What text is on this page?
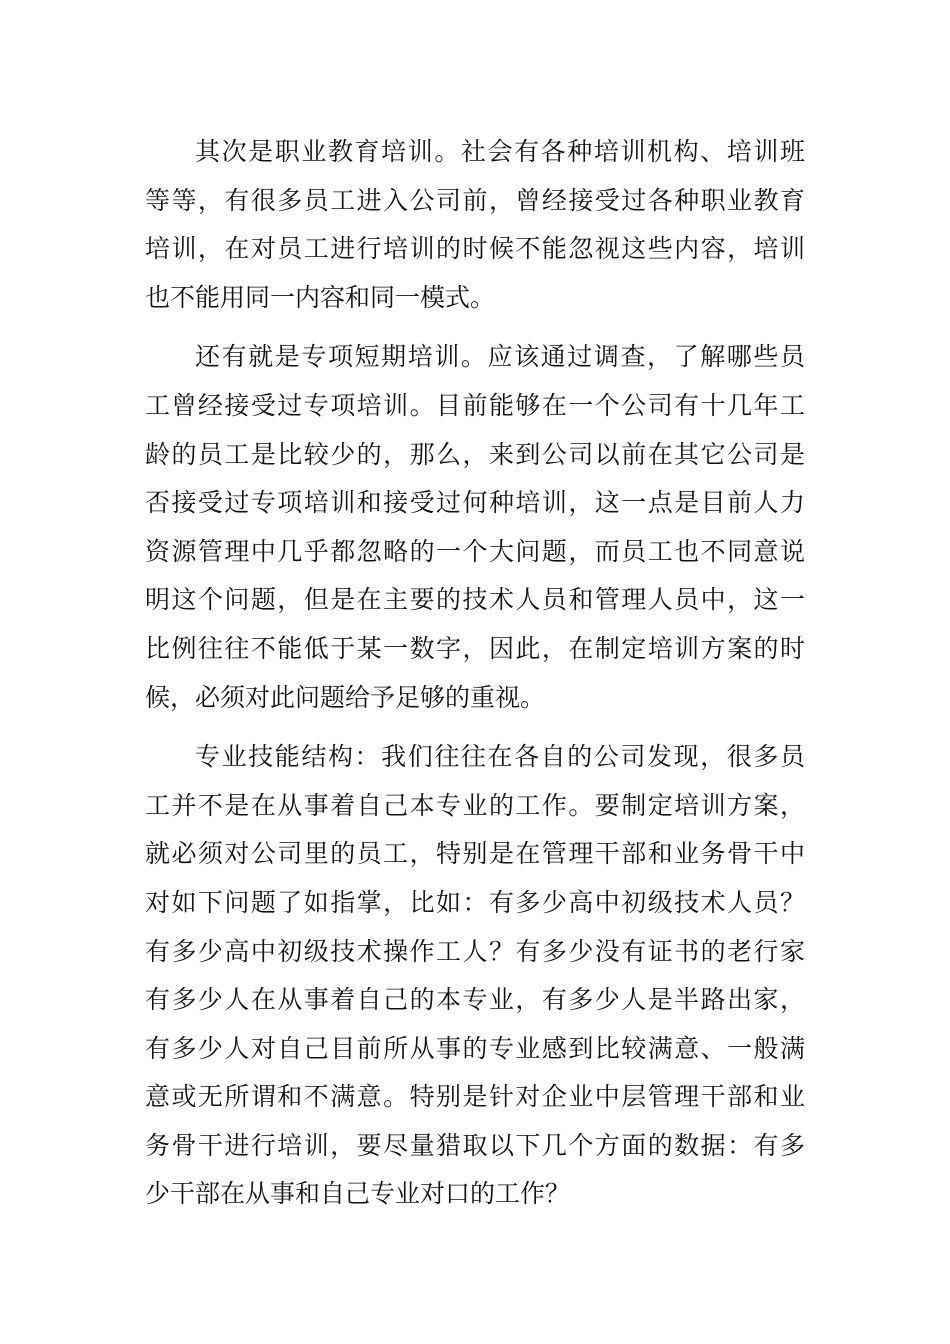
其次是职业教育培训。社会有各种培训机构、培训班
等等，有很多员工进入公司前，曾经接受过各种职业教育
培训，在对员工进行培训的时候不能忽视这些内容，培训
也不能用同一内容和同一模式。
还有就是专项短期培训。应该通过调查，了解哪些员
工曾经接受过专项培训。目前能够在一个公司有十几年工
龄的员工是比较少的，那么，来到公司以前在其它公司是
否接受过专项培训和接受过何种培训，这一点是目前人力
资源管理中几乎都忽略的一个大问题，而员工也不同意说
明这个问题，但是在主要的技术人员和管理人员中，这一
比例往往不能低于某一数字，因此，在制定培训方案的时
候，必须对此问题给予足够的重视。
专业技能结构：我们往往在各自的公司发现，很多员
工并不是在从事着自己本专业的工作。要制定培训方案，
就必须对公司里的员工，特别是在管理干部和业务骨干中
对如下问题了如指掌，比如：有多少高中初级技术人员？
有多少高中初级技术操作工人？有多少没有证书的老行家
有多少人在从事着自己的本专业，有多少人是半路出家，
有多少人对自己目前所从事的专业感到比较满意、一般满
意或无所谓和不满意。特别是针对企业中层管理干部和业
务骨干进行培训，要尽量猎取以下几个方面的数据：有多
少干部在从事和自己专业对口的工作？
